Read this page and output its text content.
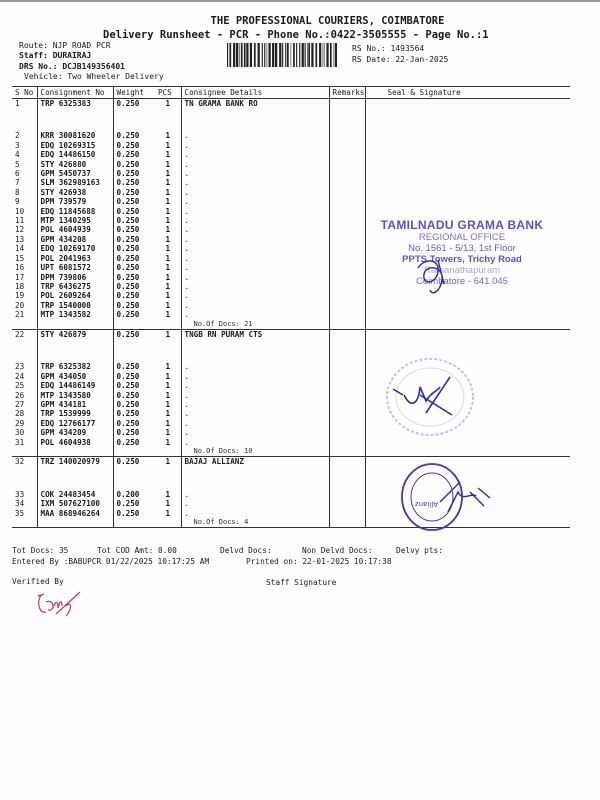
THE PROFESSIONAL COURIERS, COIMBATORE
Delivery Runsheet - PCR - Phone No.:0422-3505555 - Page No.:1
Route: NJP ROAD PCR
Staff: DURAIRAJ
DRS No.: DCJB149356401
Vehicle: Two Wheeler Delivery
RS No.: 1493564
RS Date: 22-Jan-2025
S No	Consignment No	Weight	PCS	Consignee Details	Remarks	Seal & Signature
1	TRP 6325383	0.250	1	TN GRAMA BANK RO		

2	KRR 30081620	0.250	1	.		
3	EDQ 10269315	0.250	1	.		
4	EDQ 14486150	0.250	1	.		
5	STY 426880	0.250	1	.		
6	GPM 5450737	0.250	1	.		
7	SLM 362989163	0.250	1	.		
8	STY 426938	0.250	1	.		
9	DPM 739579	0.250	1	.		
10	EDQ 11845688	0.250	1	.		
11	MTP 1340295	0.250	1	.		
12	POL 4604939	0.250	1	.		
13	GPM 434208	0.250	1	.		
14	EDQ 10269170	0.250	1	.		
15	POL 2041963	0.250	1	.		
16	UPT 6081572	0.250	1	.		
17	DPM 739806	0.250	1	.		
18	TRP 6436275	0.250	1	.		
19	POL 2609264	0.250	1	.		
20	TRP 1540000	0.250	1	.		
21	MTP 1343582	0.250	1	.		
				No.Of Docs: 21		
22	STY 426879	0.250	1	TNGB RN PURAM CTS		

23	TRP 6325382	0.250	1	.		
24	GPM 434050	0.250	1	.		
25	EDQ 14486149	0.250	1	.		
26	MTP 1343580	0.250	1	.		
27	GPM 434181	0.250	1	.		
28	TRP 1539999	0.250	1	.		
29	EDQ 12766177	0.250	1	.		
30	GPM 434209	0.250	1	.		
31	POL 4604938	0.250	1	.		
				No.Of Docs: 10		
32	TRZ 140020979	0.250	1	BAJAJ ALLIANZ		

33	COK 24483454	0.200	1	.		
34	IXM 507627100	0.250	1	.		
35	MAA 868946264	0.250	1	.		
				No.Of Docs: 4		
TAMILNADU GRAMA BANK
REGIONAL OFFICE
No. 1561 - 5/13, 1st Floor
PPTS Towers, Trichy Road
Ramanathapuram
Coimbatore - 641 045
Allianz
Tot Docs: 35	Tot COD Amt: 0.00	Delvd Docs:	Non Delvd Docs:	Delvy pts:
Entered By :BABUPCR 01/22/2025 10:17:25 AM	Printed on: 22-01-2025 10:17:38
Verified By	Staff Signature
